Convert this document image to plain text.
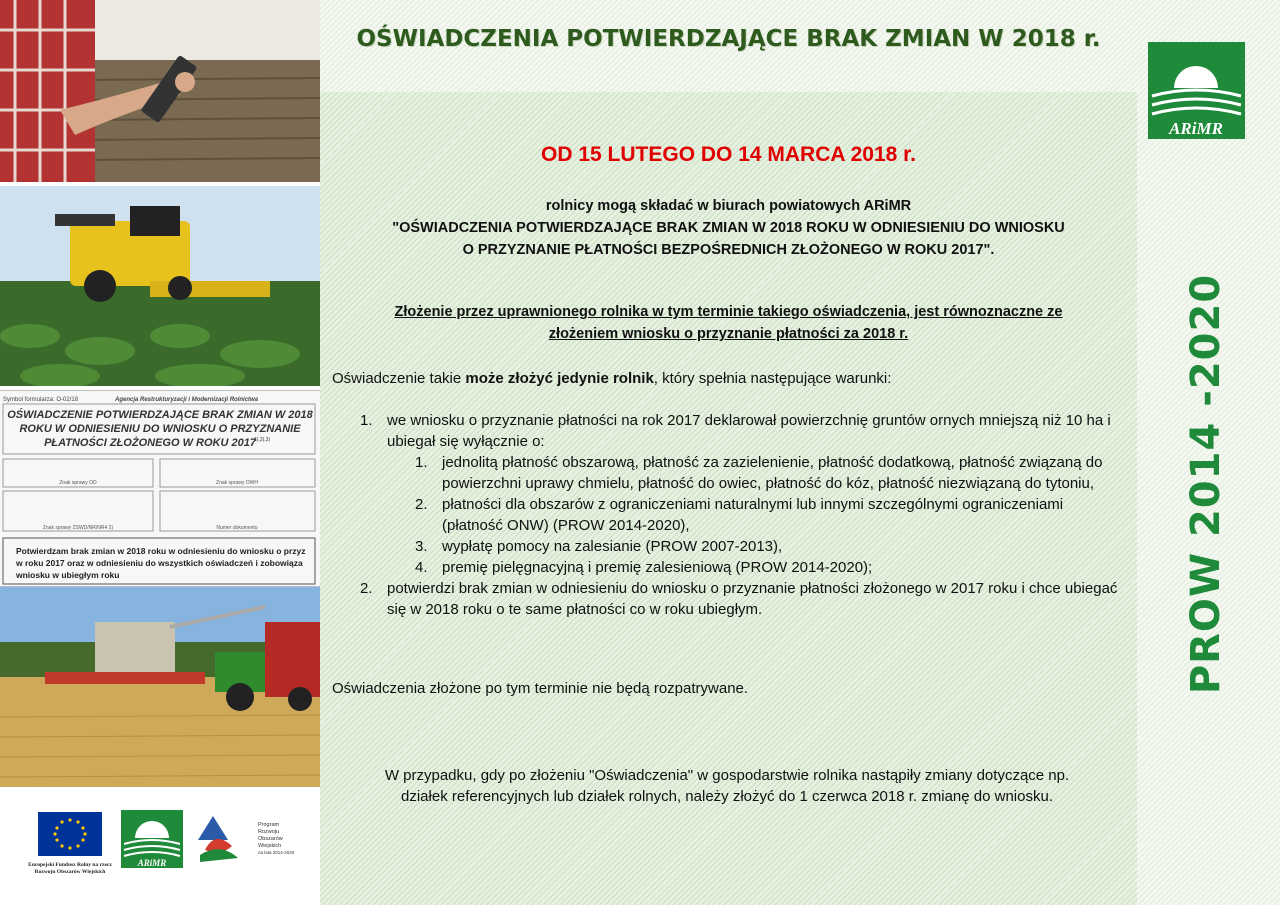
Symbol formularza: O-02/18	Agencja Restrukturyzacji i Modernizacji Rolnictwa
OŚWIADCZENIE POTWIERDZAJĄCE BRAK ZMIAN W 2018
ROKU W ODNIESIENIU DO WNIOSKU O PRZYZNANIE
PŁATNOŚCI ZŁOŻONEGO W ROKU 2017
1),2),3)
Znak sprawy OD	Znak sprawy OWH
Znak sprawy ZSWD/NR/NR4 2)	Numer dokumentu
Potwierdzam brak zmian w 2018 roku w odniesieniu do wniosku o przyz
w roku 2017 oraz w odniesieniu do wszystkich oświadczeń i zobowiąza
wniosku w ubiegłym roku
Europejski Fundusz Rolny na rzecz
Rozwoju Obszarów Wiejskich
ARiMR
Program
Rozwoju
Obszarów
Wiejskich
na lata 2014-2020
OŚWIADCZENIA POTWIERDZAJĄCE BRAK ZMIAN W 2018 r.
OD 15 LUTEGO DO 14 MARCA 2018 r.
rolnicy mogą składać w biurach powiatowych ARiMR
"OŚWIADCZENIA POTWIERDZAJĄCE BRAK ZMIAN W 2018 ROKU W ODNIESIENIU DO WNIOSKU
O PRZYZNANIE PŁATNOŚCI BEZPOŚREDNICH ZŁOŻONEGO W ROKU 2017".
Złożenie przez uprawnionego rolnika w tym terminie takiego oświadczenia, jest równoznaczne ze
złożeniem wniosku o przyznanie płatności za 2018 r.
Oświadczenie takie może złożyć jedynie rolnik, który spełnia następujące warunki:
1. we wniosku o przyznanie płatności na rok 2017 deklarował powierzchnię gruntów ornych mniejszą niż 10 ha i ubiegał się wyłącznie o:
1. jednolitą płatność obszarową, płatność za zazielenienie, płatność dodatkową, płatność związaną do powierzchni uprawy chmielu, płatność do owiec, płatność do kóz, płatność niezwiązaną do tytoniu,
2. płatności dla obszarów z ograniczeniami naturalnymi lub innymi szczególnymi ograniczeniami (płatność ONW) (PROW 2014-2020),
3. wypłatę pomocy na zalesianie (PROW 2007-2013),
4. premię pielęgnacyjną i premię zalesieniową (PROW 2014-2020);
2. potwierdzi brak zmian w odniesieniu do wniosku o przyznanie płatności złożonego w 2017 roku i chce ubiegać się w 2018 roku o te same płatności co w roku ubiegłym.
Oświadczenia złożone po tym terminie nie będą rozpatrywane.
W przypadku, gdy po złożeniu "Oświadczenia" w gospodarstwie rolnika nastąpiły zmiany dotyczące np.
działek referencyjnych lub działek rolnych, należy złożyć do 1 czerwca 2018 r. zmianę do wniosku.
ARiMR
PROW 2014 -2020
